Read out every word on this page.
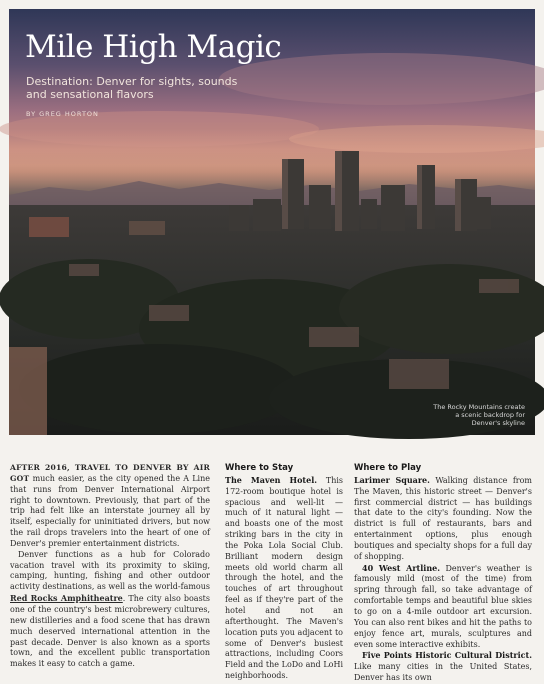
Mile High Magic
Destination: Denver for sights, sounds and sensational flavors
BY GREG HORTON
The Rocky Mountains create a scenic backdrop for Denver's skyline

AFTER 2016, TRAVEL TO DENVER BY AIR GOT much easier, as the city opened the A Line that runs from Denver International Airport right to downtown. Previously, that part of the trip had felt like an interstate journey all by itself, especially for uninitiated drivers, but now the rail drops travelers into the heart of one of Denver's premier entertainment districts.

Denver functions as a hub for Colorado vacation travel with its proximity to skiing, camping, hunting, fishing and other outdoor activity destinations, as well as the world-famous Red Rocks Amphitheatre. The city also boasts one of the country's best microbrewery cultures, new distilleries and a food scene that has drawn much deserved international attention in the past decade. Denver is also known as a sports town, and the excellent public transportation makes it easy to catch a game.

Where to Stay

The Maven Hotel. This 172-room boutique hotel is spacious and well-lit — much of it natural light — and boasts one of the most striking bars in the city in the Poka Lola Social Club. Brilliant modern design meets old world charm all through the hotel, and the touches of art throughout feel as if they're part of the hotel and not an afterthought. The Maven's location puts you adjacent to some of Denver's busiest attractions, including Coors Field and the LoDo and LoHi neighborhoods.

Where to Play

Larimer Square. Walking distance from The Maven, this historic street — Denver's first commercial district — has buildings that date to the city's founding. Now the district is full of restaurants, bars and entertainment options, plus enough boutiques and specialty shops for a full day of shopping.

40 West Artline. Denver's weather is famously mild (most of the time) from spring through fall, so take advantage of comfortable temps and beautiful blue skies to go on a 4-mile outdoor art excursion. You can also rent bikes and hit the paths to enjoy fence art, murals, sculptures and even some interactive exhibits.

Five Points Historic Cultural District. Like many cities in the United States, Denver has its own
